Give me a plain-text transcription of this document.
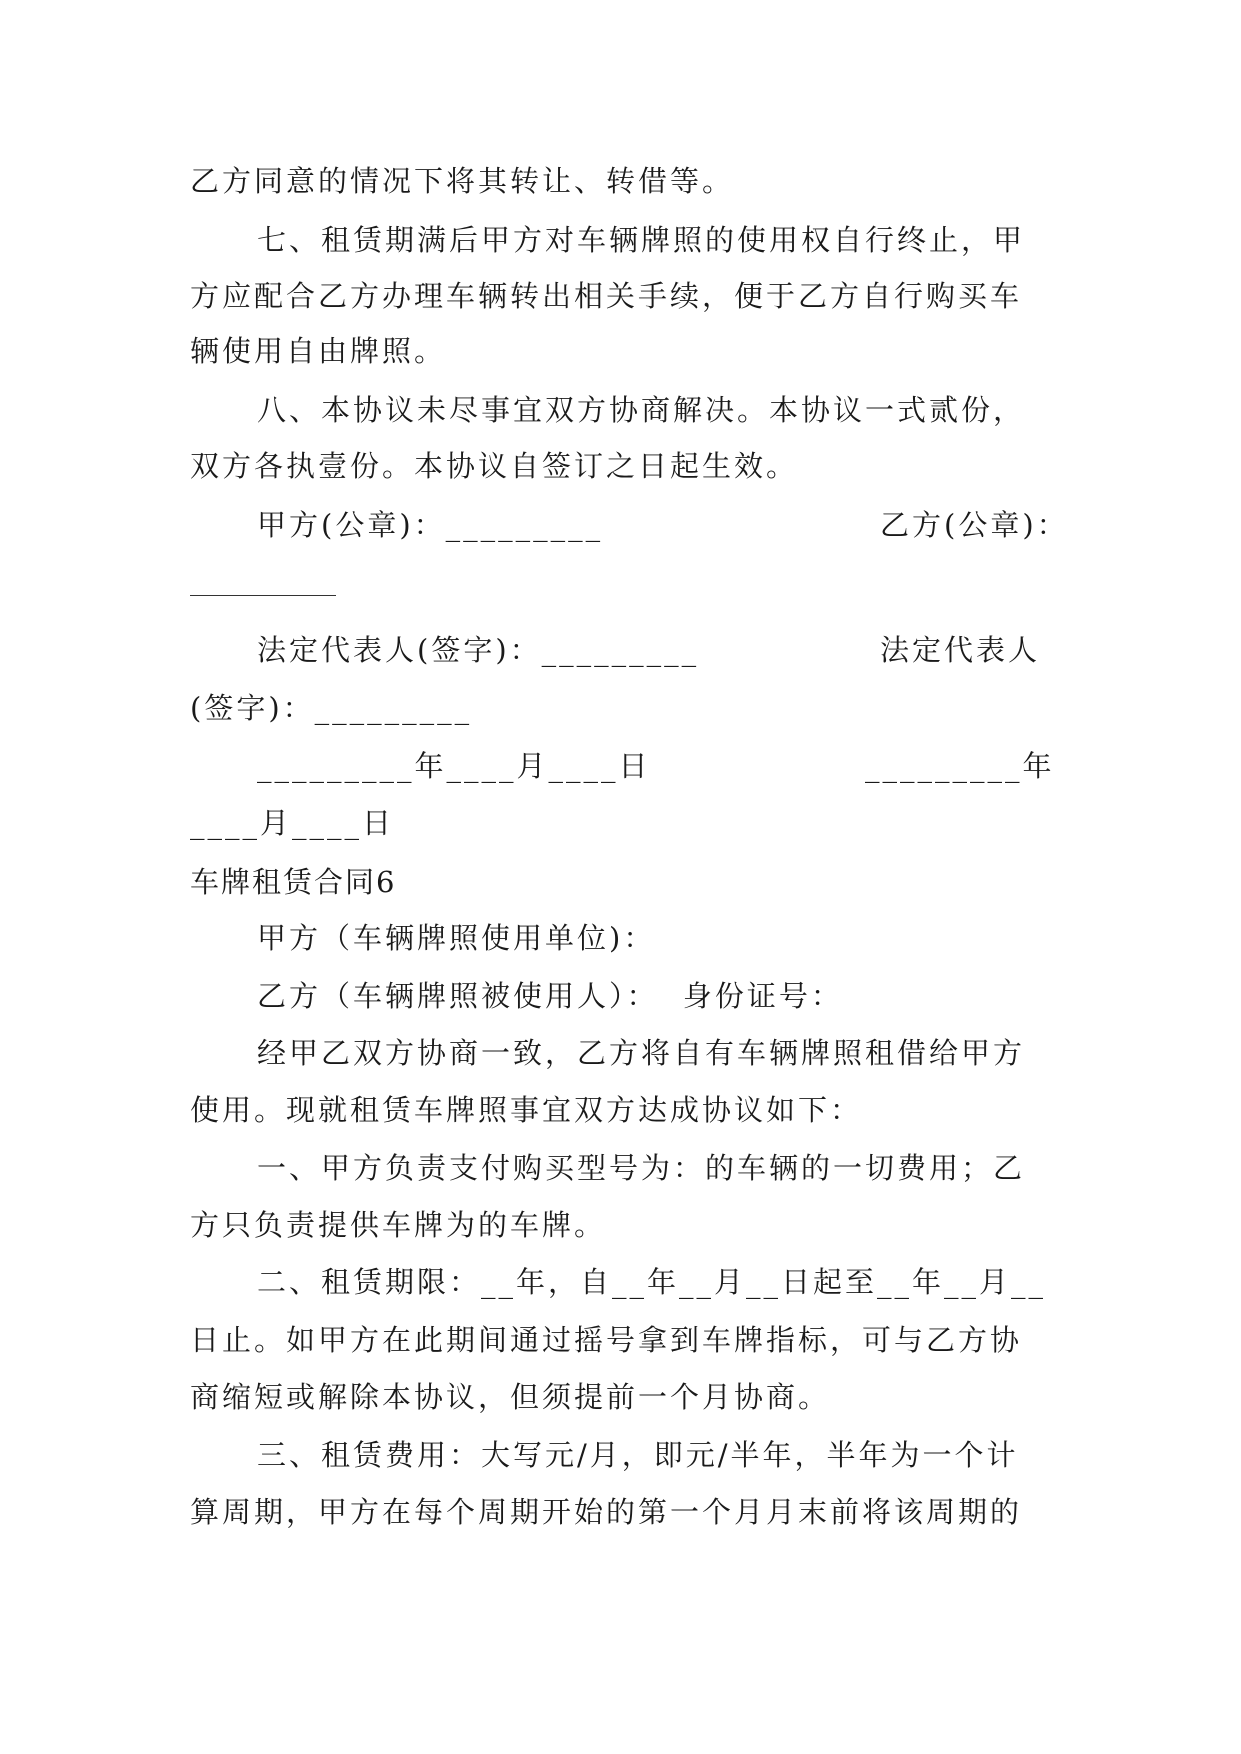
乙方同意的情况下将其转让、转借等。
七、租赁期满后甲方对车辆牌照的使用权自行终止，甲
方应配合乙方办理车辆转出相关手续，便于乙方自行购买车
辆使用自由牌照。
八、本协议未尽事宜双方协商解决。本协议一式贰份，
双方各执壹份。本协议自签订之日起生效。
甲方(公章)：_________	乙方(公章)：
法定代表人(签字)：_________	法定代表人
(签字)：_________
_________年____月____日	_________年
____月____日
车牌租赁合同6
甲方（车辆牌照使用单位)：
乙方（车辆牌照被使用人）：  身份证号：
经甲乙双方协商一致，乙方将自有车辆牌照租借给甲方
使用。现就租赁车牌照事宜双方达成协议如下：
一、甲方负责支付购买型号为：的车辆的一切费用；乙
方只负责提供车牌为的车牌。
二、租赁期限：__年，自__年__月__日起至__年__月__
日止。如甲方在此期间通过摇号拿到车牌指标，可与乙方协
商缩短或解除本协议，但须提前一个月协商。
三、租赁费用：大写元/月，即元/半年，半年为一个计
算周期，甲方在每个周期开始的第一个月月末前将该周期的
